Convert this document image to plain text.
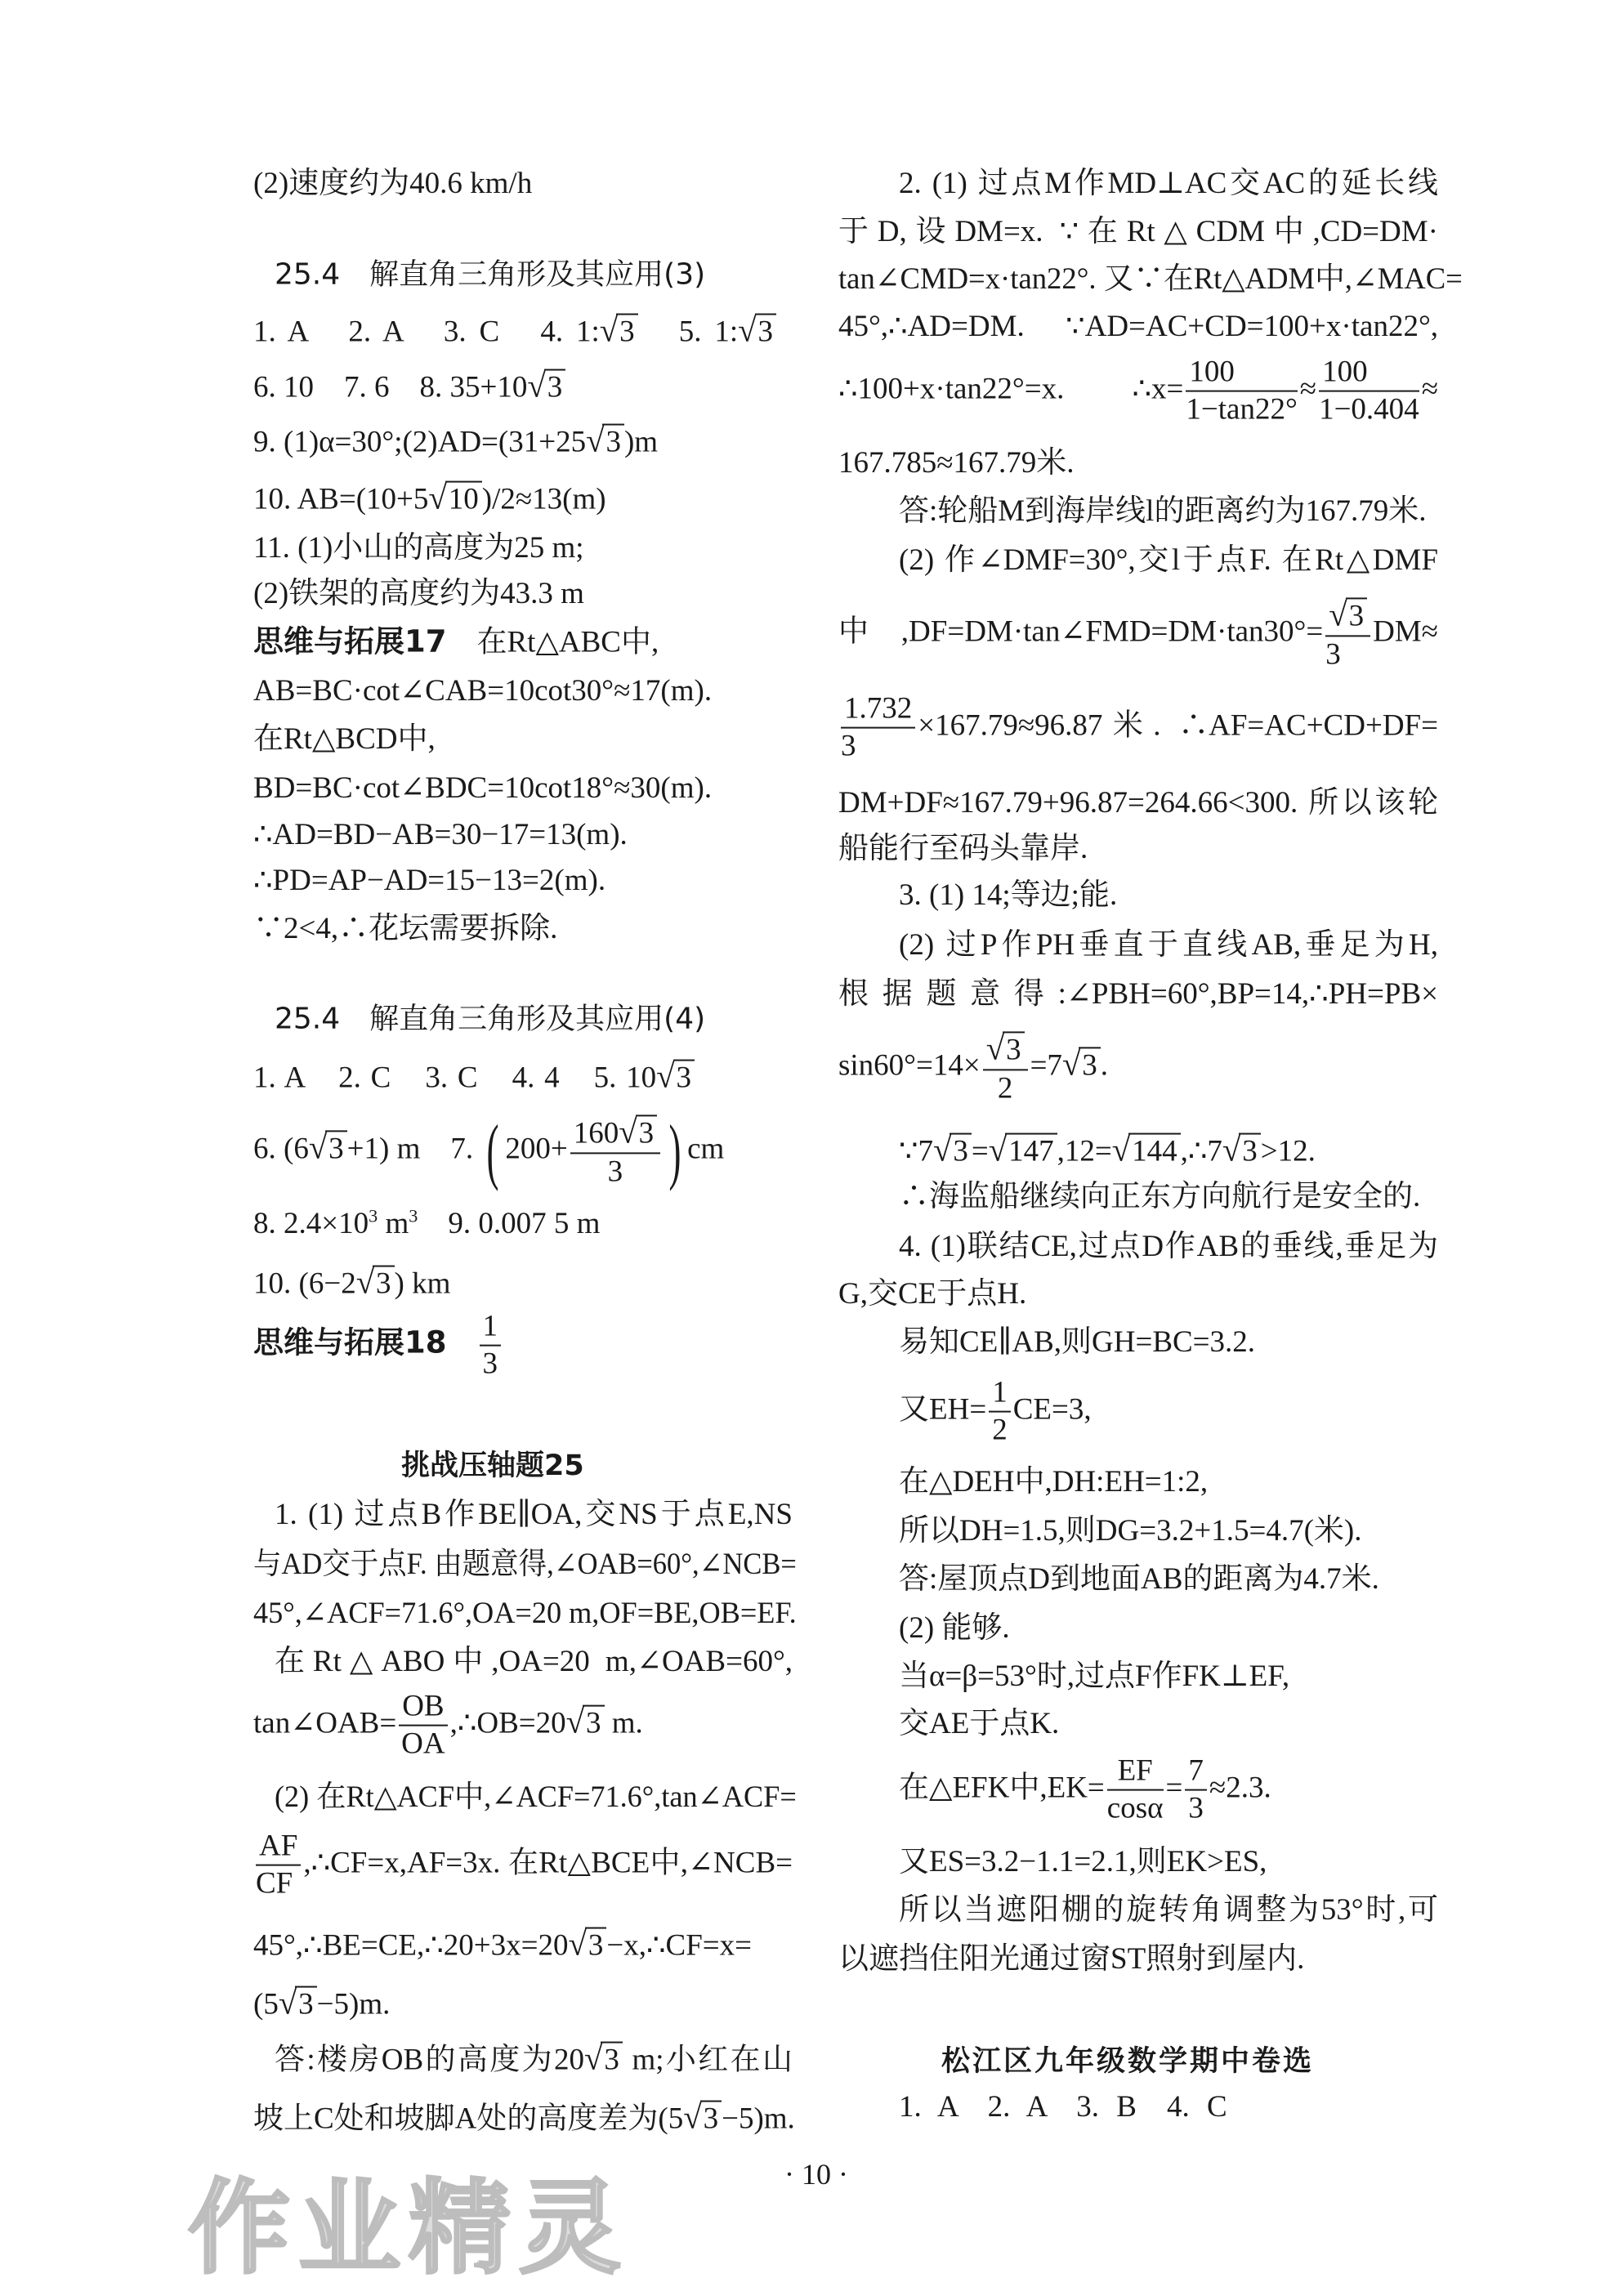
作业精灵
(2)速度约为40.6 km/h
25.4　解直角三角形及其应用(3)
1. A　2. A　3. C　4. 1:√3　5. 1:√3
6. 10　7. 6　8. 35+10√3
9. (1)α=30°;(2)AD=(31+25√3 )m
10. AB=(10+5√10 )/2≈13(m)
11. (1)小山的高度为25 m;
(2)铁架的高度约为43.3 m
思维与拓展17　在Rt△ABC中,
AB=BC·cot∠CAB=10cot30°≈17(m).
在Rt△BCD中,
BD=BC·cot∠BDC=10cot18°≈30(m).
∴AD=BD−AB=30−17=13(m).
∴PD=AP−AD=15−13=2(m).
∵2<4,∴花坛需要拆除.
25.4　解直角三角形及其应用(4)
1. A　2. C　3. C　4. 4　5. 10√3
6. (6√3 +1) m　7. ( $200+ \frac{160√3}{3}$ ) cm
8. $2.4\times 10^3$ $m^3$　9. 0.007 5 m
10. (6−2√3 ) km
思维与拓展18　 $\frac{1}{3}$
挑战压轴题25
1. (1) 过点B作BE∥OA,交NS于点E,NS
与AD交于点F. 由题意得,∠OAB=60°,∠NCB=
45°,∠ACF=71.6°,OA=20 m,OF=BE,OB=EF.
在Rt△ABO中,OA=20 m,∠OAB=60°,
tan∠OAB= $\frac{OB}{OA}$ ,∴OB=20√3 m.
(2) 在Rt△ACF中,∠ACF=71.6°,tan∠ACF=
$\frac{AF}{CF}$ ,∴CF=x,AF=3x. 在Rt△BCE中,∠NCB=
45°,∴BE=CE,∴20+3x=20√3 −x,∴CF=x=
(5√3 −5)m.
答:楼房OB的高度为20√3 m;小红在山
坡上C处和坡脚A处的高度差为(5√3 −5)m.
2. (1) 过点M作MD⊥AC交AC的延长线
于D,设DM=x. ∵在Rt△CDM中,CD=DM·
tan∠CMD=x·tan22°. 又∵在Rt△ADM中,∠MAC=
45°,∴AD=DM. ∵AD=AC+CD=100+x·tan22°,
∴100+x·tan22°=x. ∴x= $\frac{100}{1-\tan 22^\circ} \approx \frac{100}{1-0.404}$ ≈
167.785≈167.79米.
答:轮船M到海岸线l的距离约为167.79米.
(2) 作∠DMF=30°,交l于点F. 在Rt△DMF
中,DF=DM·tan∠FMD=DM·tan30°= $\frac{√3}{3} DM\approx$
$\frac{1.732}{3} \times 167.79\approx 96.87$米. ∴AF=AC+CD+DF=
DM+DF≈167.79+96.87=264.66<300. 所以该轮
船能行至码头靠岸.
3. (1) 14;等边;能.
(2) 过P作PH垂直于直线AB,垂足为H,
根据题意得:∠PBH=60°,BP=14,∴PH=PB×
$\sin 60^\circ=14\times \frac{√3}{2} =7√3$ .
∵7√3 =√147 ,12=√144 ,∴7√3 >12.
∴海监船继续向正东方向航行是安全的.
4. (1)联结CE,过点D作AB的垂线,垂足为
G,交CE于点H.
易知CE∥AB,则GH=BC=3.2.
又$EH= \frac{1}{2} CE=3$,
在△DEH中,DH:EH=1:2,
所以DH=1.5,则DG=3.2+1.5=4.7(米).
答:屋顶点D到地面AB的距离为4.7米.
(2) 能够.
当α=β=53°时,过点F作FK⊥EF,
交AE于点K.
在△EFK中$,EK= \frac{EF}{\cos\alpha} = \frac{7}{3} \approx 2.3$.
又ES=3.2−1.1=2.1,则EK>ES,
所以当遮阳棚的旋转角调整为53°时,可
以遮挡住阳光通过窗ST照射到屋内.
松江区九年级数学期中卷选
1. A　2. A　3. B　4. C
· 10 ·
